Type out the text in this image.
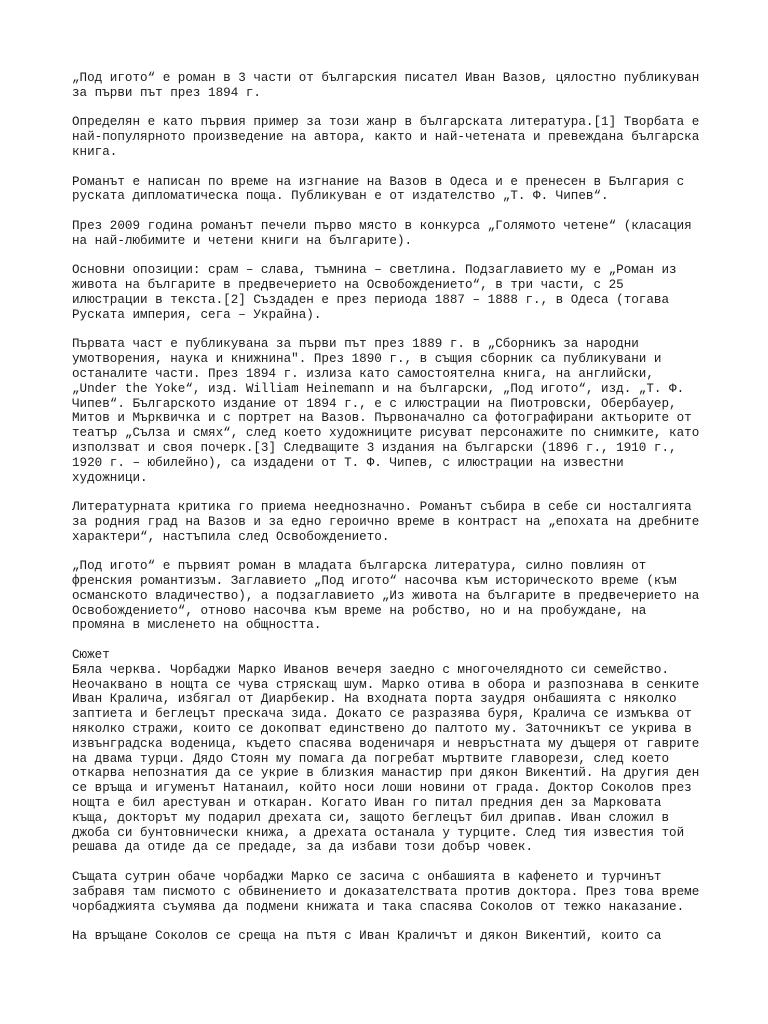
„Под игото“ е роман в 3 части от българския писател Иван Вазов, цялостно публикуван
за първи път през 1894 г.
Определян е като първия пример за този жанр в българската литература.[1] Творбата е
най-популярното произведение на автора, както и най-четената и превеждана българска
книга.
Романът е написан по време на изгнание на Вазов в Одеса и е пренесен в България с
руската дипломатическа поща. Публикуван е от издателство „Т. Ф. Чипев“.
През 2009 година романът печели първо място в конкурса „Голямото четене“ (класация
на най-любимите и четени книги на българите).
Основни опозиции: срам – слава, тъмнина – светлина. Подзаглавието му е „Роман из
живота на българите в предвечерието на Освобождението“, в три части, с 25
илюстрации в текста.[2] Създаден е през периода 1887 – 1888 г., в Одеса (тогава
Руската империя, сега – Украйна).
Първата част е публикувана за първи път през 1889 г. в „Сборникъ за народни
умотворения, наука и книжнина". През 1890 г., в същия сборник са публикувани и
останалите части. През 1894 г. излиза като самостоятелна книга, на английски,
„Under the Yoke“, изд. William Heinemann и на български, „Под игото“, изд. „Т. Ф.
Чипев“. Българското издание от 1894 г., е с илюстрации на Пиотровски, Обербауер,
Митов и Мърквичка и с портрет на Вазов. Първоначално са фотографирани актьорите от
театър „Сълза и смях“, след което художниците рисуват персонажите по снимките, като
използват и своя почерк.[3] Следващите 3 издания на български (1896 г., 1910 г.,
1920 г. – юбилейно), са издадени от Т. Ф. Чипев, с илюстрации на известни
художници.
Литературната критика го приема нееднозначно. Романът събира в себе си носталгията
за родния град на Вазов и за едно героично време в контраст на „епохата на дребните
характери“, настъпила след Освобождението.
„Под игото“ е първият роман в младата българска литература, силно повлиян от
френския романтизъм. Заглавието „Под игото“ насочва към историческото време (към
османското владичество), а подзаглавието „Из живота на българите в предвечерието на
Освобождението“, отново насочва към време на робство, но и на пробуждане, на
промяна в мисленето на общността.
Сюжет
Бяла черква. Чорбаджи Марко Иванов вечеря заедно с многочелядното си семейство.
Неочаквано в нощта се чува стряскащ шум. Марко отива в обора и разпознава в сенките
Иван Кралича, избягал от Диарбекир. На входната порта заудря онбашията с няколко
заптиета и беглецът прескача зида. Докато се разразява буря, Кралича се измъква от
няколко стражи, които се докопват единствено до палтото му. Заточникът се укрива в
извънградска воденица, където спасява воденичаря и невръстната му дъщеря от гаврите
на двама турци. Дядо Стоян му помага да погребат мъртвите главорези, след което
откарва непознатия да се укрие в близкия манастир при дякон Викентий. На другия ден
се връща и игуменът Натанаил, който носи лоши новини от града. Доктор Соколов през
нощта е бил арестуван и откаран. Когато Иван го питал предния ден за Марковата
къща, докторът му подарил дрехата си, защото беглецът бил дрипав. Иван сложил в
джоба си бунтовнически книжа, а дрехата останала у турците. След тия известия той
решава да отиде да се предаде, за да избави този добър човек.
Същата сутрин обаче чорбаджи Марко се засича с онбашията в кафенето и турчинът
забравя там писмото с обвинението и доказателствата против доктора. През това време
чорбаджията съумява да подмени книжата и така спасява Соколов от тежко наказание.
На връщане Соколов се среща на пътя с Иван Краличът и дякон Викентий, които са
